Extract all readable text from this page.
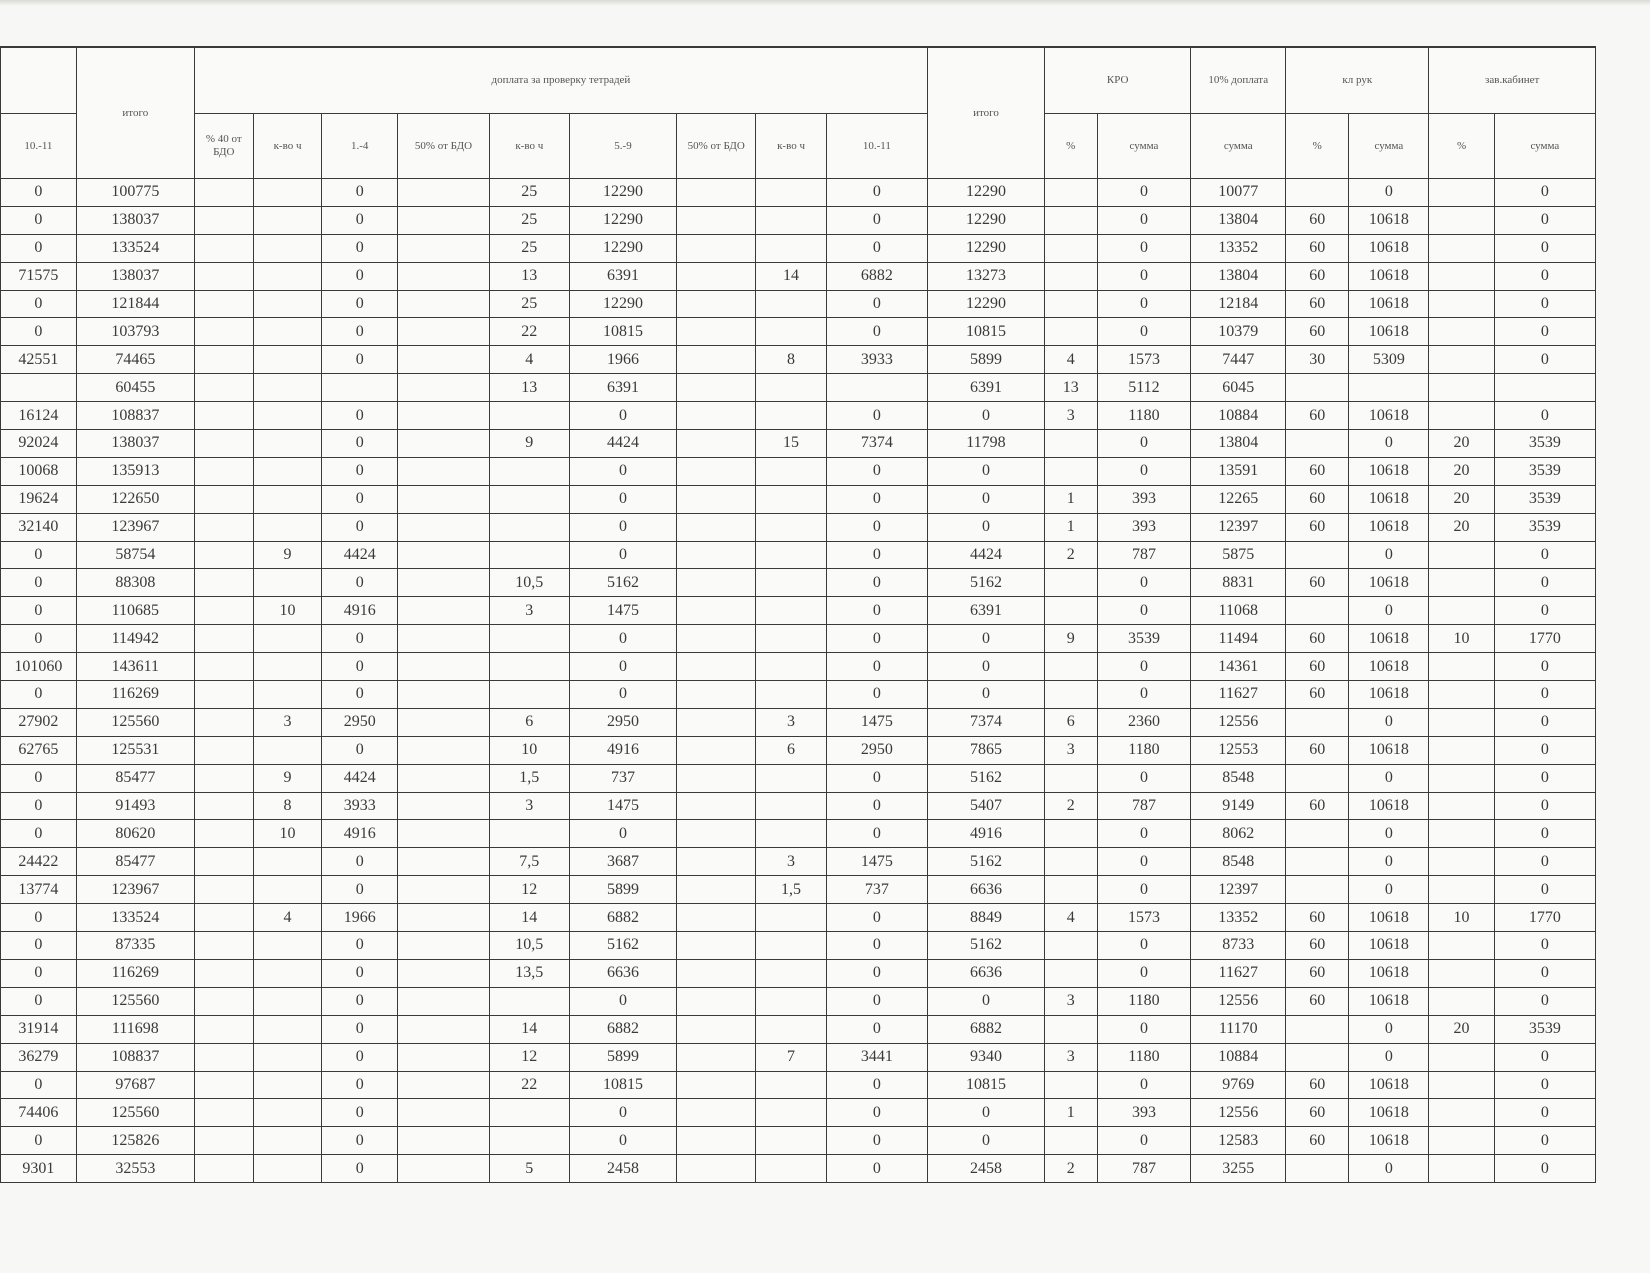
	итого	доплата за проверку тетрадей									итого	КРО		10% доплата	кл рук		зав.кабинет	
10.-11		% 40 от БДО	к-во ч	1.-4	50% от БДО	к-во ч	5.-9	50% от БДО	к-во ч	10.-11		%	сумма	сумма	%	сумма	%	сумма
0	100775			0		25	12290			0	12290		0	10077		0		0
0	138037			0		25	12290			0	12290		0	13804	60	10618		0
0	133524			0		25	12290			0	12290		0	13352	60	10618		0
71575	138037			0		13	6391		14	6882	13273		0	13804	60	10618		0
0	121844			0		25	12290			0	12290		0	12184	60	10618		0
0	103793			0		22	10815			0	10815		0	10379	60	10618		0
42551	74465			0		4	1966		8	3933	5899	4	1573	7447	30	5309		0
	60455					13	6391				6391	13	5112	6045				
16124	108837			0			0			0	0	3	1180	10884	60	10618		0
92024	138037			0		9	4424		15	7374	11798		0	13804		0	20	3539
10068	135913			0			0			0	0		0	13591	60	10618	20	3539
19624	122650			0			0			0	0	1	393	12265	60	10618	20	3539
32140	123967			0			0			0	0	1	393	12397	60	10618	20	3539
0	58754		9	4424			0			0	4424	2	787	5875		0		0
0	88308			0		10,5	5162			0	5162		0	8831	60	10618		0
0	110685		10	4916		3	1475			0	6391		0	11068		0		0
0	114942			0			0			0	0	9	3539	11494	60	10618	10	1770
101060	143611			0			0			0	0		0	14361	60	10618		0
0	116269			0			0			0	0		0	11627	60	10618		0
27902	125560		3	2950		6	2950		3	1475	7374	6	2360	12556		0		0
62765	125531			0		10	4916		6	2950	7865	3	1180	12553	60	10618		0
0	85477		9	4424		1,5	737			0	5162		0	8548		0		0
0	91493		8	3933		3	1475			0	5407	2	787	9149	60	10618		0
0	80620		10	4916			0			0	4916		0	8062		0		0
24422	85477			0		7,5	3687		3	1475	5162		0	8548		0		0
13774	123967			0		12	5899		1,5	737	6636		0	12397		0		0
0	133524		4	1966		14	6882			0	8849	4	1573	13352	60	10618	10	1770
0	87335			0		10,5	5162			0	5162		0	8733	60	10618		0
0	116269			0		13,5	6636			0	6636		0	11627	60	10618		0
0	125560			0			0			0	0	3	1180	12556	60	10618		0
31914	111698			0		14	6882			0	6882		0	11170		0	20	3539
36279	108837			0		12	5899		7	3441	9340	3	1180	10884		0		0
0	97687			0		22	10815			0	10815		0	9769	60	10618		0
74406	125560			0			0			0	0	1	393	12556	60	10618		0
0	125826			0			0			0	0		0	12583	60	10618		0
9301	32553			0		5	2458			0	2458	2	787	3255		0		0
